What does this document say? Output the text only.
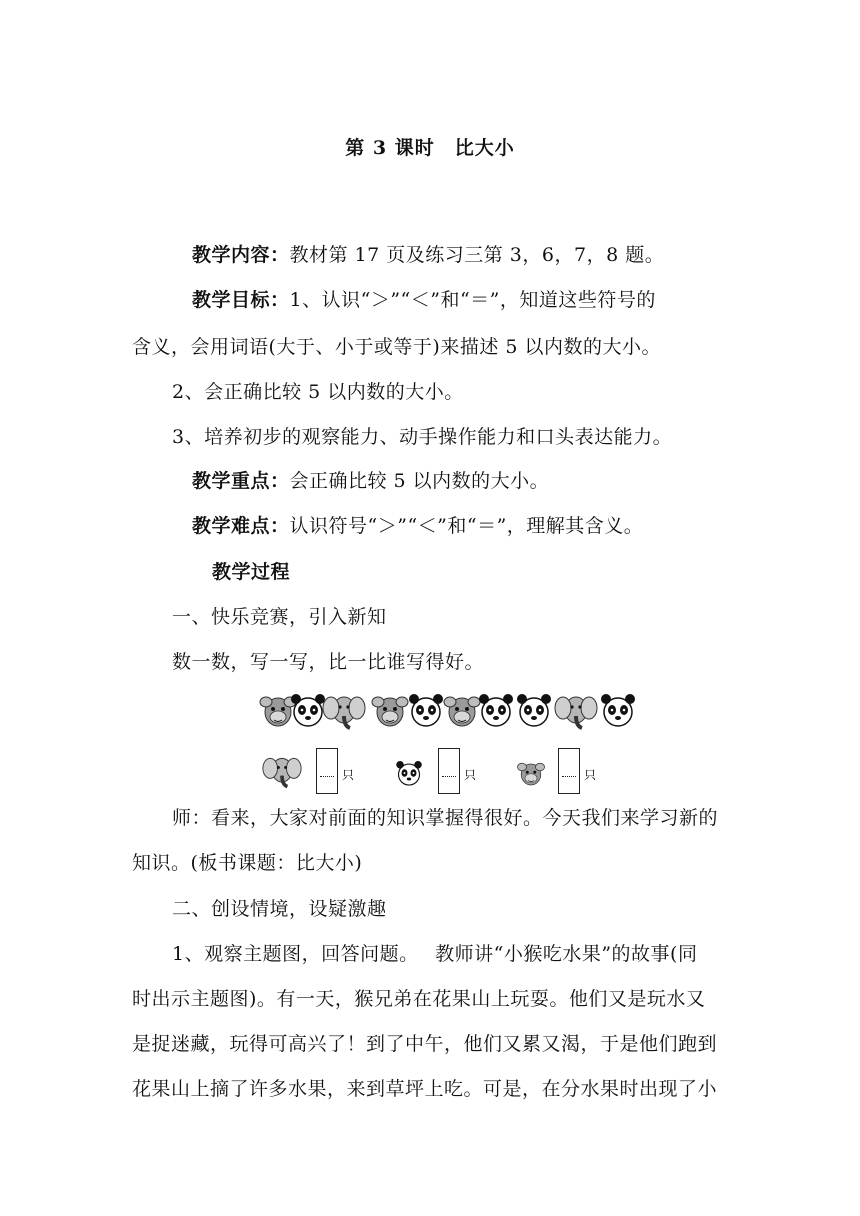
第 3 课时　比大小
教学内容：教材第 17 页及练习三第 3，6，7，8 题。
教学目标：1、认识“＞”“＜”和“＝”，知道这些符号的
含义，会用词语(大于、小于或等于)来描述 5 以内数的大小。
2、会正确比较 5 以内数的大小。
3、培养初步的观察能力、动手操作能力和口头表达能力。
教学重点：会正确比较 5 以内数的大小。
教学难点：认识符号“＞”“＜”和“＝”，理解其含义。
教学过程
一、快乐竞赛，引入新知
数一数，写一写，比一比谁写得好。
只	只	只
师：看来，大家对前面的知识掌握得很好。今天我们来学习新的
知识。(板书课题：比大小)
二、创设情境，设疑激趣
1、观察主题图，回答问题。　 教师讲“小猴吃水果”的故事(同
时出示主题图)。有一天，猴兄弟在花果山上玩耍。他们又是玩水又
是捉迷藏，玩得可高兴了！到了中午，他们又累又渴，于是他们跑到
花果山上摘了许多水果，来到草坪上吃。可是，在分水果时出现了小
